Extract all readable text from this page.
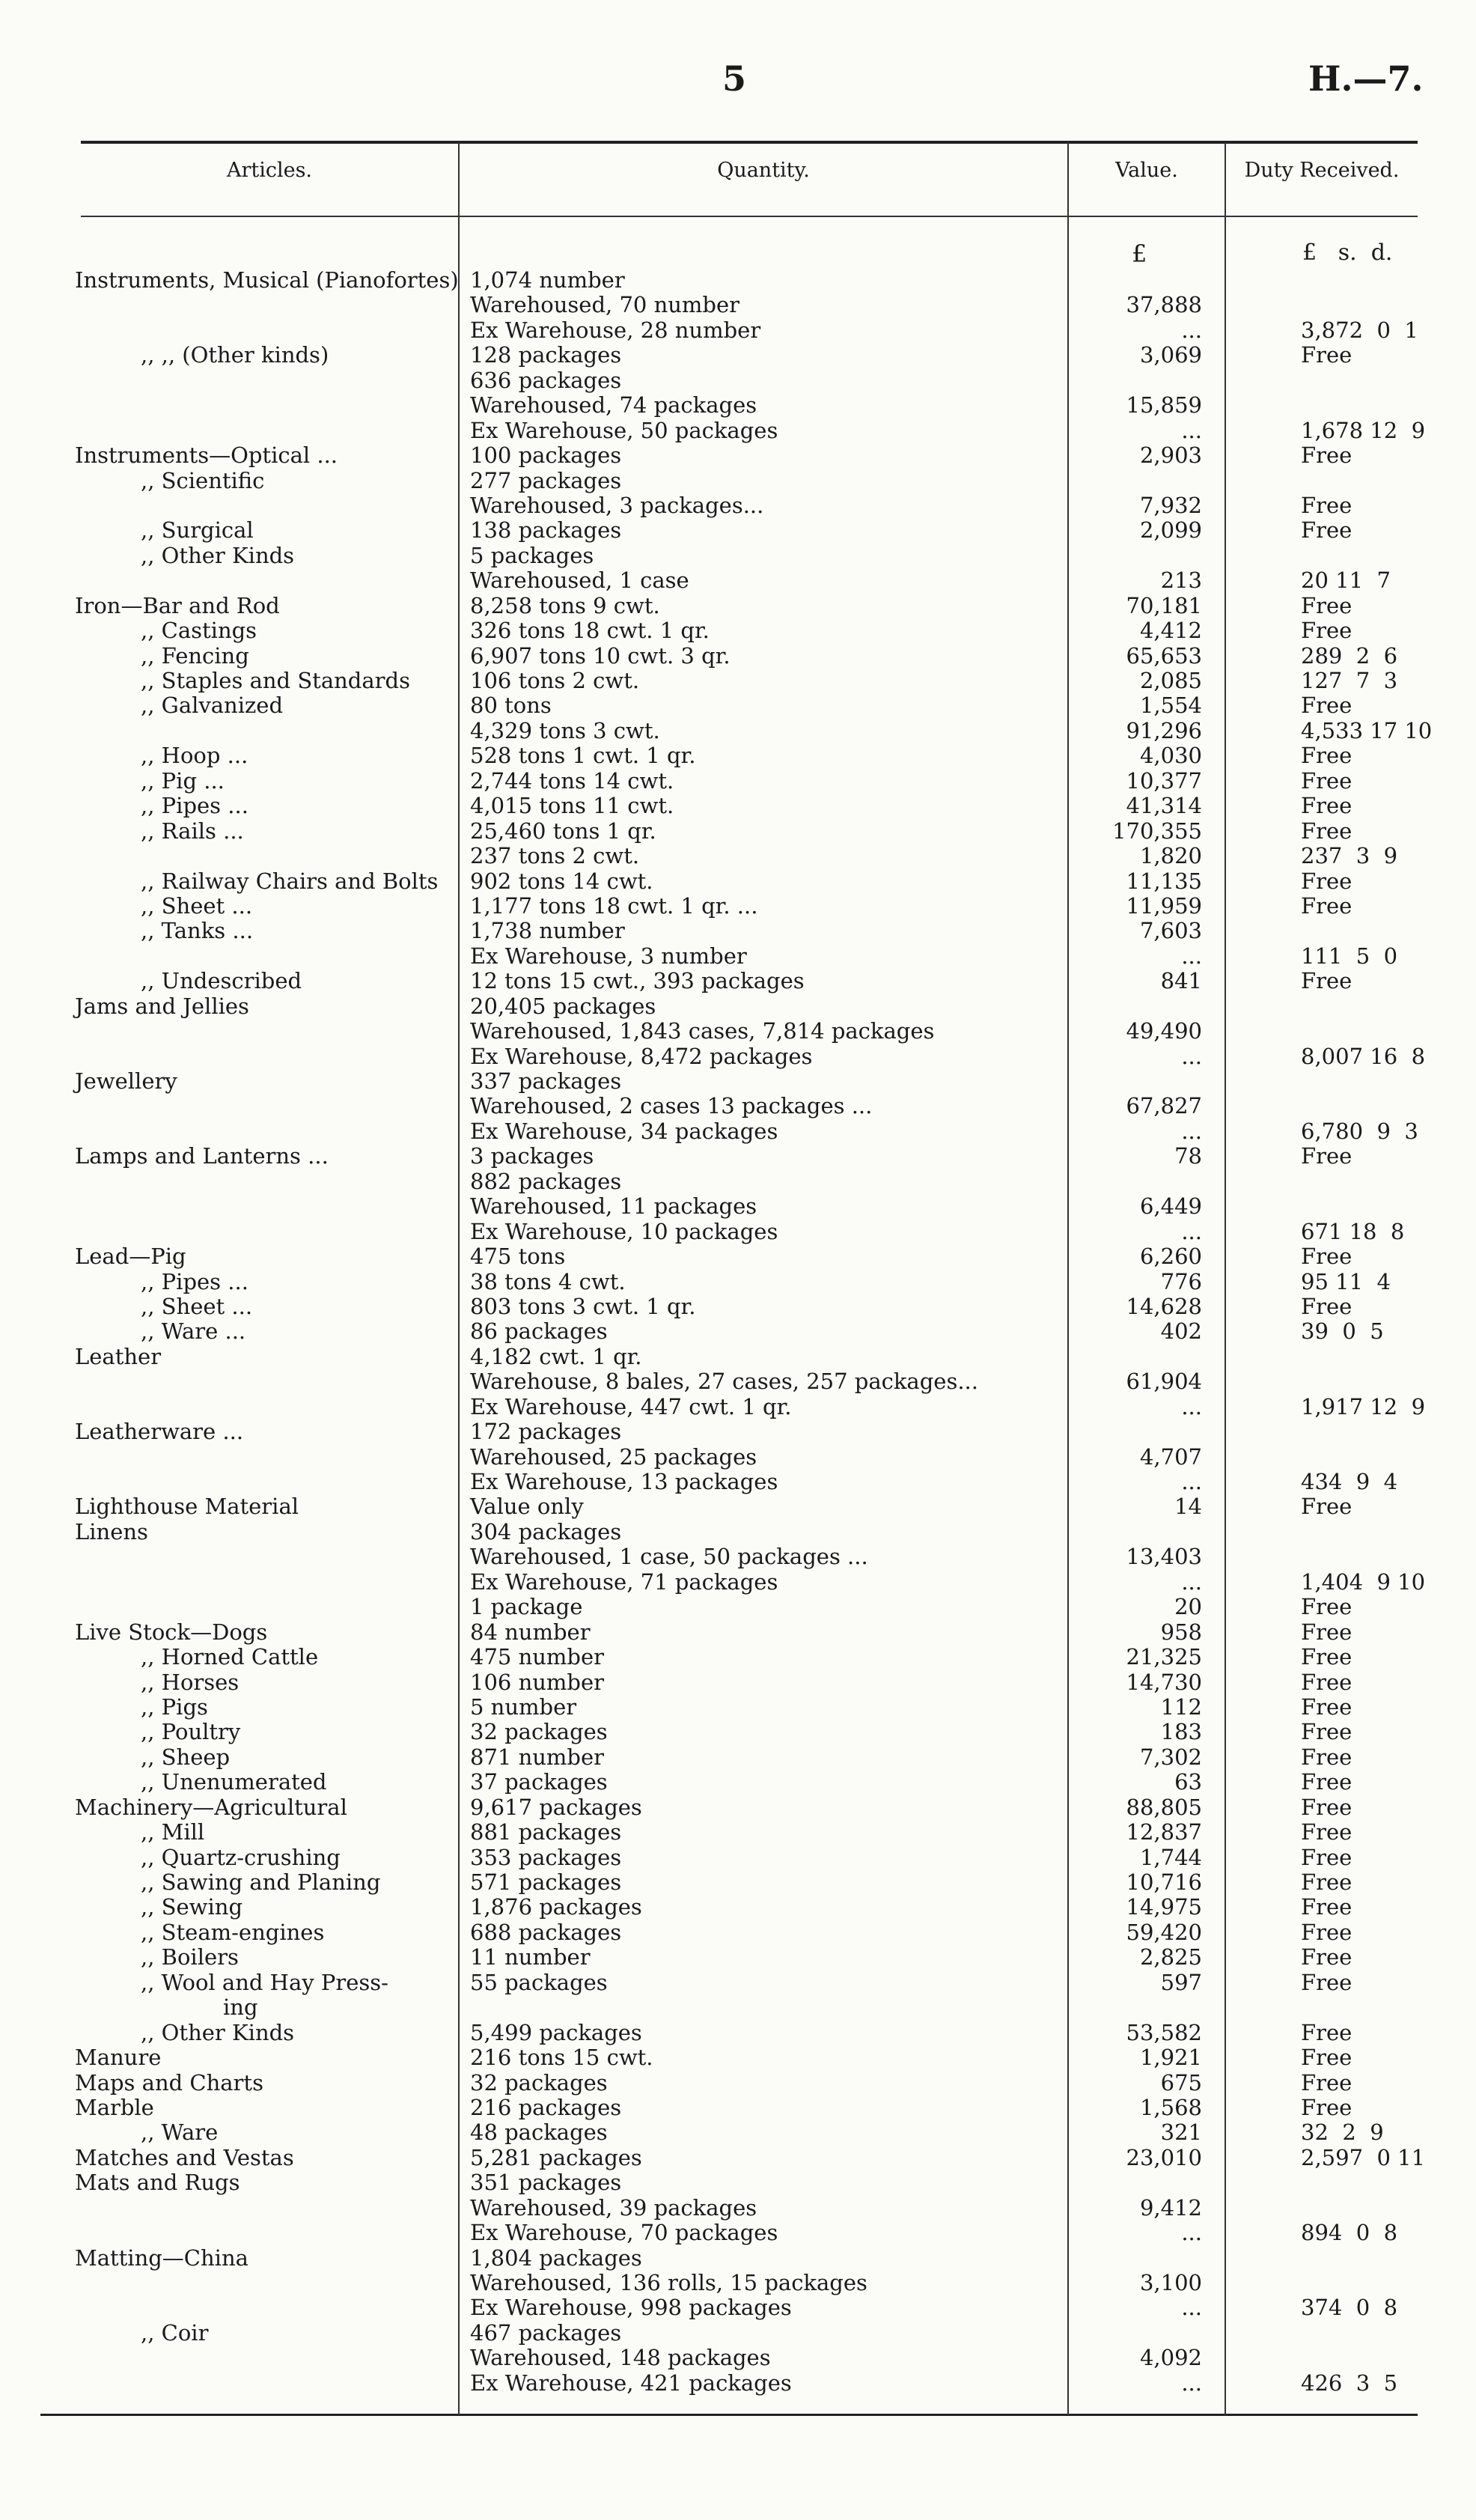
5	H.—7.
Articles.	Quantity.	Value.	Duty Received.
£	£   s.  d.
Instruments, Musical (Pianofortes) 1,074 number
Warehoused, 70 number	37,888
Ex Warehouse, 28 number	...	3,872  0  1
,, ,, (Other kinds)	128 packages	3,069	Free
636 packages
Warehoused, 74 packages	15,859
Ex Warehouse, 50 packages	...	1,678 12  9
Instruments—Optical ...	100 packages	2,903	Free
,, Scientific	277 packages
Warehoused, 3 packages...	7,932	Free
,, Surgical	138 packages	2,099	Free
,, Other Kinds	5 packages
Warehoused, 1 case	213	20 11  7
Iron—Bar and Rod	8,258 tons 9 cwt.	70,181	Free
,, Castings	326 tons 18 cwt. 1 qr.	4,412	Free
,, Fencing	6,907 tons 10 cwt. 3 qr.	65,653	289  2  6
,, Staples and Standards	106 tons 2 cwt.	2,085	127  7  3
,, Galvanized	80 tons	1,554	Free
4,329 tons 3 cwt.	91,296	4,533 17 10
,, Hoop ...	528 tons 1 cwt. 1 qr.	4,030	Free
,, Pig ...	2,744 tons 14 cwt.	10,377	Free
,, Pipes ...	4,015 tons 11 cwt.	41,314	Free
,, Rails ...	25,460 tons 1 qr.	170,355	Free
237 tons 2 cwt.	1,820	237  3  9
,, Railway Chairs and Bolts 902 tons 14 cwt.	11,135	Free
,, Sheet ...	1,177 tons 18 cwt. 1 qr. ...	11,959	Free
,, Tanks ...	1,738 number	7,603
Ex Warehouse, 3 number	...	111  5  0
,, Undescribed	12 tons 15 cwt., 393 packages	841	Free
Jams and Jellies	20,405 packages
Warehoused, 1,843 cases, 7,814 packages	49,490
Ex Warehouse, 8,472 packages	...	8,007 16  8
Jewellery	337 packages
Warehoused, 2 cases 13 packages ...	67,827
Ex Warehouse, 34 packages	...	6,780  9  3
Lamps and Lanterns ...	3 packages	78	Free
882 packages
Warehoused, 11 packages	6,449
Ex Warehouse, 10 packages	...	671 18  8
Lead—Pig	475 tons	6,260	Free
,, Pipes ...	38 tons 4 cwt.	776	95 11  4
,, Sheet ...	803 tons 3 cwt. 1 qr.	14,628	Free
,, Ware ...	86 packages	402	39  0  5
Leather	4,182 cwt. 1 qr.
Warehouse, 8 bales, 27 cases, 257 packages...	61,904
Ex Warehouse, 447 cwt. 1 qr.	...	1,917 12  9
Leatherware ...	172 packages
Warehoused, 25 packages	4,707
Ex Warehouse, 13 packages	...	434  9  4
Lighthouse Material	Value only	14	Free
Linens	304 packages
Warehoused, 1 case, 50 packages ...	13,403
Ex Warehouse, 71 packages	...	1,404  9 10
1 package	20	Free
Live Stock—Dogs	84 number	958	Free
,, Horned Cattle	475 number	21,325	Free
,, Horses	106 number	14,730	Free
,, Pigs	5 number	112	Free
,, Poultry	32 packages	183	Free
,, Sheep	871 number	7,302	Free
,, Unenumerated	37 packages	63	Free
Machinery—Agricultural	9,617 packages	88,805	Free
,, Mill	881 packages	12,837	Free
,, Quartz-crushing	353 packages	1,744	Free
,, Sawing and Planing	571 packages	10,716	Free
,, Sewing	1,876 packages	14,975	Free
,, Steam-engines	688 packages	59,420	Free
,, Boilers	11 number	2,825	Free
,, Wool and Hay Press-	55 packages	597	Free
ing
,, Other Kinds	5,499 packages	53,582	Free
Manure	216 tons 15 cwt.	1,921	Free
Maps and Charts	32 packages	675	Free
Marble	216 packages	1,568	Free
,, Ware	48 packages	321	32  2  9
Matches and Vestas	5,281 packages	23,010	2,597  0 11
Mats and Rugs	351 packages
Warehoused, 39 packages	9,412
Ex Warehouse, 70 packages	...	894  0  8
Matting—China	1,804 packages
Warehoused, 136 rolls, 15 packages	3,100
Ex Warehouse, 998 packages	...	374  0  8
,, Coir	467 packages
Warehoused, 148 packages	4,092
Ex Warehouse, 421 packages	...	426  3  5
